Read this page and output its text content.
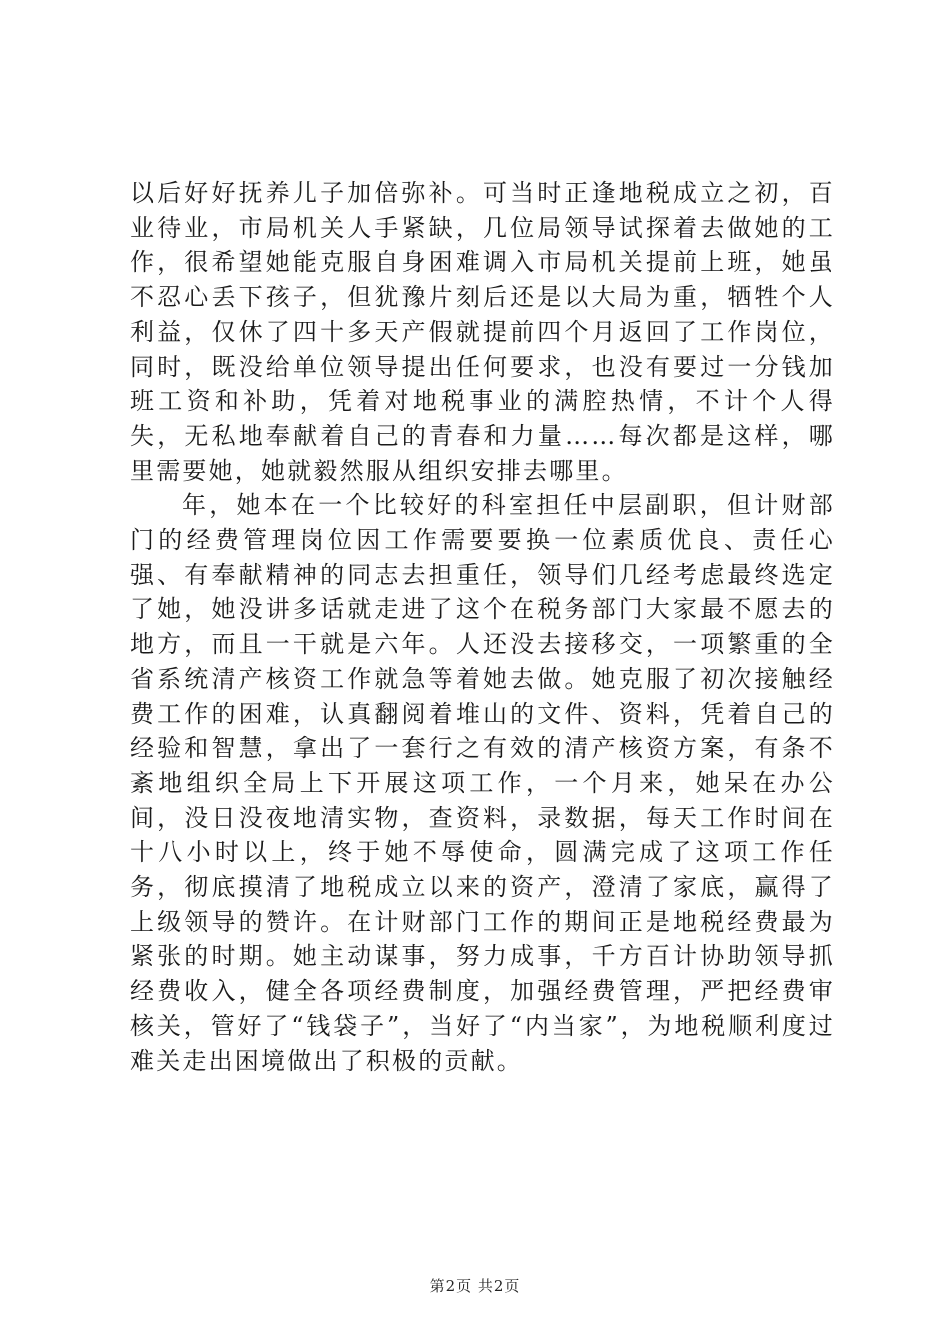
以后好好抚养儿子加倍弥补。可当时正逢地税成立之初，百业待业，市局机关人手紧缺，几位局领导试探着去做她的工作，很希望她能克服自身困难调入市局机关提前上班，她虽不忍心丢下孩子，但犹豫片刻后还是以大局为重，牺牲个人利益，仅休了四十多天产假就提前四个月返回了工作岗位，同时，既没给单位领导提出任何要求，也没有要过一分钱加班工资和补助，凭着对地税事业的满腔热情，不计个人得失，无私地奉献着自己的青春和力量……每次都是这样，哪里需要她，她就毅然服从组织安排去哪里。

年，她本在一个比较好的科室担任中层副职，但计财部门的经费管理岗位因工作需要要换一位素质优良、责任心强、有奉献精神的同志去担重任，领导们几经考虑最终选定了她，她没讲多话就走进了这个在税务部门大家最不愿去的地方，而且一干就是六年。人还没去接移交，一项繁重的全省系统清产核资工作就急等着她去做。她克服了初次接触经费工作的困难，认真翻阅着堆山的文件、资料，凭着自己的经验和智慧，拿出了一套行之有效的清产核资方案，有条不紊地组织全局上下开展这项工作，一个月来，她呆在办公间，没日没夜地清实物，查资料，录数据，每天工作时间在十八小时以上，终于她不辱使命，圆满完成了这项工作任务，彻底摸清了地税成立以来的资产，澄清了家底，赢得了上级领导的赞许。在计财部门工作的期间正是地税经费最为紧张的时期。她主动谋事，努力成事，千方百计协助领导抓经费收入，健全各项经费制度，加强经费管理，严把经费审核关，管好了“钱袋子”，当好了“内当家”，为地税顺利度过难关走出困境做出了积极的贡献。

第2页 共2页
